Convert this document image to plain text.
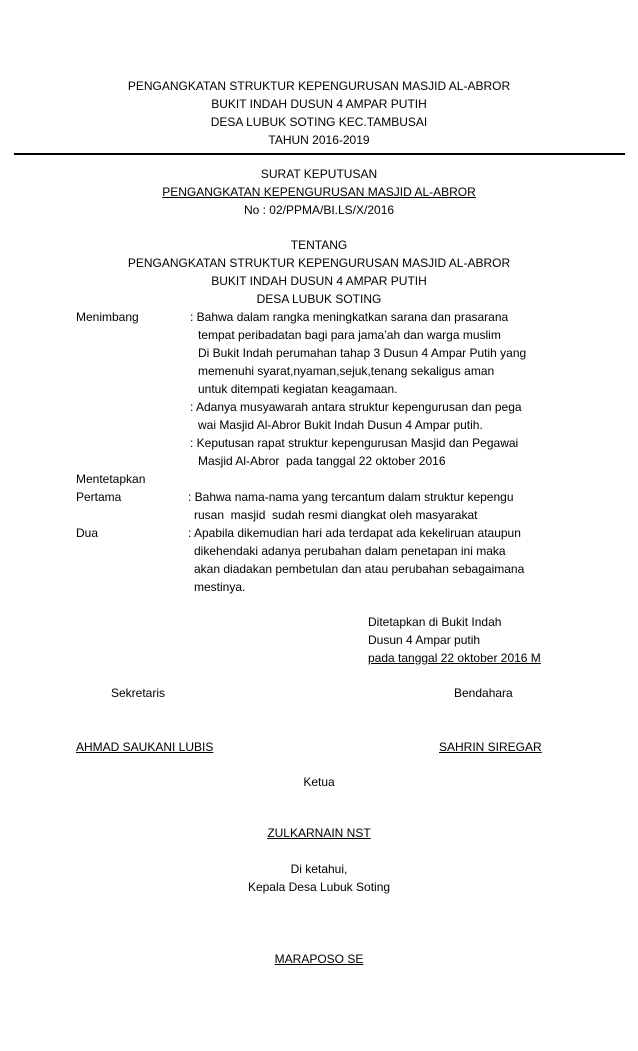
PENGANGKATAN STRUKTUR KEPENGURUSAN MASJID AL-ABROR
BUKIT INDAH DUSUN 4 AMPAR PUTIH
DESA LUBUK SOTING KEC.TAMBUSAI
TAHUN 2016-2019
SURAT KEPUTUSAN
PENGANGKATAN KEPENGURUSAN MASJID AL-ABROR
No : 02/PPMA/BI.LS/X/2016
TENTANG
PENGANGKATAN STRUKTUR KEPENGURUSAN MASJID AL-ABROR
BUKIT INDAH DUSUN 4 AMPAR PUTIH
DESA LUBUK SOTING
Menimbang	: Bahwa dalam rangka meningkatkan sarana dan prasarana
tempat peribadatan bagi para jama’ah dan warga muslim
Di Bukit Indah perumahan tahap 3 Dusun 4 Ampar Putih yang
memenuhi syarat,nyaman,sejuk,tenang sekaligus aman
untuk ditempati kegiatan keagamaan.
: Adanya musyawarah antara struktur kepengurusan dan pega
wai Masjid Al-Abror Bukit Indah Dusun 4 Ampar putih.
: Keputusan rapat struktur kepengurusan Masjid dan Pegawai
Masjid Al-Abror  pada tanggal 22 oktober 2016
Mentetapkan
Pertama	: Bahwa nama-nama yang tercantum dalam struktur kepengu
rusan  masjid  sudah resmi diangkat oleh masyarakat
Dua	: Apabila dikemudian hari ada terdapat ada kekeliruan ataupun
dikehendaki adanya perubahan dalam penetapan ini maka
akan diadakan pembetulan dan atau perubahan sebagaimana
mestinya.
Ditetapkan di Bukit Indah
Dusun 4 Ampar putih
pada tanggal 22 oktober 2016 M
Sekretaris	Bendahara
AHMAD SAUKANI LUBIS	SAHRIN SIREGAR
Ketua
ZULKARNAIN NST
Di ketahui,
Kepala Desa Lubuk Soting
MARAPOSO SE
